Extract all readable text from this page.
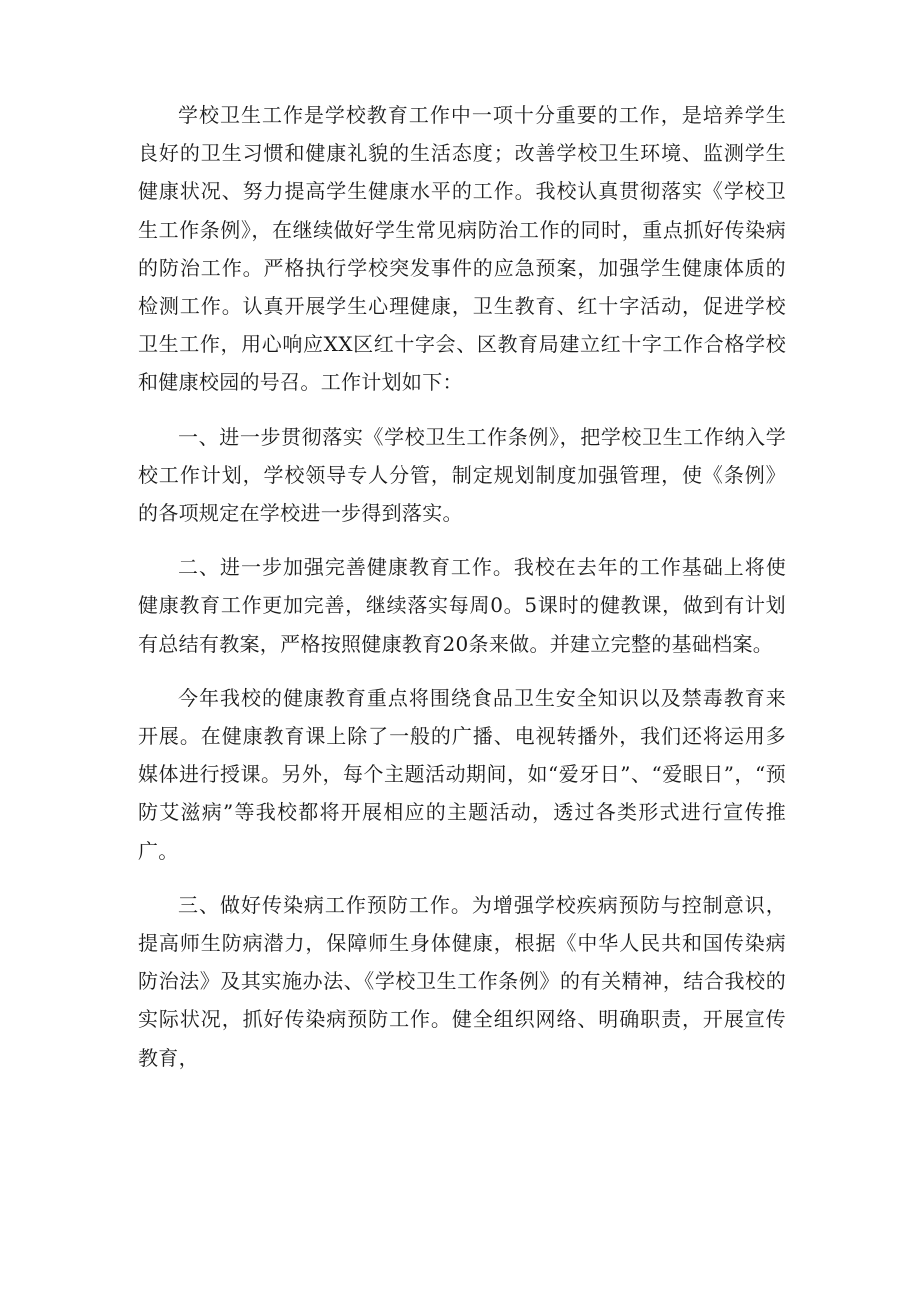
学校卫生工作是学校教育工作中一项十分重要的工作，是培养学生良好的卫生习惯和健康礼貌的生活态度；改善学校卫生环境、监测学生健康状况、努力提高学生健康水平的工作。我校认真贯彻落实《学校卫生工作条例》，在继续做好学生常见病防治工作的同时，重点抓好传染病的防治工作。严格执行学校突发事件的应急预案，加强学生健康体质的检测工作。认真开展学生心理健康，卫生教育、红十字活动，促进学校卫生工作，用心响应XX区红十字会、区教育局建立红十字工作合格学校和健康校园的号召。工作计划如下：

一、进一步贯彻落实《学校卫生工作条例》，把学校卫生工作纳入学校工作计划，学校领导专人分管，制定规划制度加强管理，使《条例》的各项规定在学校进一步得到落实。

二、进一步加强完善健康教育工作。我校在去年的工作基础上将使健康教育工作更加完善，继续落实每周0。5课时的健教课，做到有计划有总结有教案，严格按照健康教育20条来做。并建立完整的基础档案。

今年我校的健康教育重点将围绕食品卫生安全知识以及禁毒教育来开展。在健康教育课上除了一般的广播、电视转播外，我们还将运用多媒体进行授课。另外，每个主题活动期间，如“爱牙日”、“爱眼日”，“预防艾滋病”等我校都将开展相应的主题活动，透过各类形式进行宣传推广。

三、做好传染病工作预防工作。为增强学校疾病预防与控制意识，提高师生防病潜力，保障师生身体健康，根据《中华人民共和国传染病防治法》及其实施办法、《学校卫生工作条例》的有关精神，结合我校的实际状况，抓好传染病预防工作。健全组织网络、明确职责，开展宣传教育，
